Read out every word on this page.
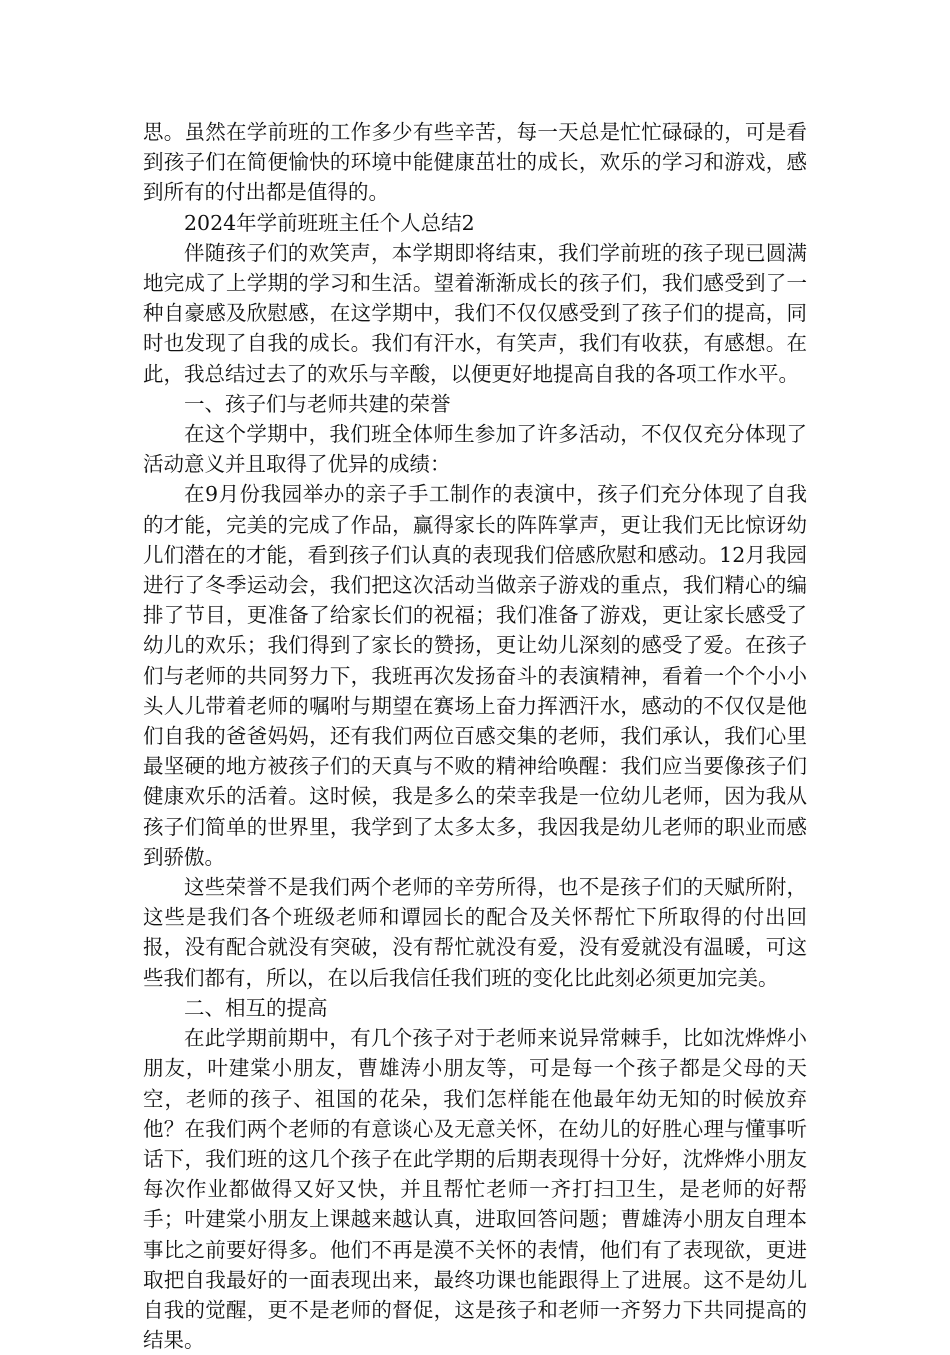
思。虽然在学前班的工作多少有些辛苦，每一天总是忙忙碌碌的，可是看到孩子们在简便愉快的环境中能健康茁壮的成长，欢乐的学习和游戏，感到所有的付出都是值得的。

2024年学前班班主任个人总结2

伴随孩子们的欢笑声，本学期即将结束，我们学前班的孩子现已圆满地完成了上学期的学习和生活。望着渐渐成长的孩子们，我们感受到了一种自豪感及欣慰感，在这学期中，我们不仅仅感受到了孩子们的提高，同时也发现了自我的成长。我们有汗水，有笑声，我们有收获，有感想。在此，我总结过去了的欢乐与辛酸，以便更好地提高自我的各项工作水平。

一、孩子们与老师共建的荣誉

在这个学期中，我们班全体师生参加了许多活动，不仅仅充分体现了活动意义并且取得了优异的成绩：

在9月份我园举办的亲子手工制作的表演中，孩子们充分体现了自我的才能，完美的完成了作品，赢得家长的阵阵掌声，更让我们无比惊讶幼儿们潜在的才能，看到孩子们认真的表现我们倍感欣慰和感动。12月我园进行了冬季运动会，我们把这次活动当做亲子游戏的重点，我们精心的编排了节目，更准备了给家长们的祝福；我们准备了游戏，更让家长感受了幼儿的欢乐；我们得到了家长的赞扬，更让幼儿深刻的感受了爱。在孩子们与老师的共同努力下，我班再次发扬奋斗的表演精神，看着一个个小小头人儿带着老师的嘱咐与期望在赛场上奋力挥洒汗水，感动的不仅仅是他们自我的爸爸妈妈，还有我们两位百感交集的老师，我们承认，我们心里最坚硬的地方被孩子们的天真与不败的精神给唤醒：我们应当要像孩子们健康欢乐的活着。这时候，我是多么的荣幸我是一位幼儿老师，因为我从孩子们简单的世界里，我学到了太多太多，我因我是幼儿老师的职业而感到骄傲。

这些荣誉不是我们两个老师的辛劳所得，也不是孩子们的天赋所附，这些是我们各个班级老师和谭园长的配合及关怀帮忙下所取得的付出回报，没有配合就没有突破，没有帮忙就没有爱，没有爱就没有温暖，可这些我们都有，所以，在以后我信任我们班的变化比此刻必须更加完美。

二、相互的提高

在此学期前期中，有几个孩子对于老师来说异常棘手，比如沈烨烨小朋友，叶建棠小朋友，曹雄涛小朋友等，可是每一个孩子都是父母的天空，老师的孩子、祖国的花朵，我们怎样能在他最年幼无知的时候放弃他？在我们两个老师的有意谈心及无意关怀，在幼儿的好胜心理与懂事听话下，我们班的这几个孩子在此学期的后期表现得十分好，沈烨烨小朋友每次作业都做得又好又快，并且帮忙老师一齐打扫卫生，是老师的好帮手；叶建棠小朋友上课越来越认真，进取回答问题；曹雄涛小朋友自理本事比之前要好得多。他们不再是漠不关怀的表情，他们有了表现欲，更进取把自我最好的一面表现出来，最终功课也能跟得上了进展。这不是幼儿自我的觉醒，更不是老师的督促，这是孩子和老师一齐努力下共同提高的结果。
